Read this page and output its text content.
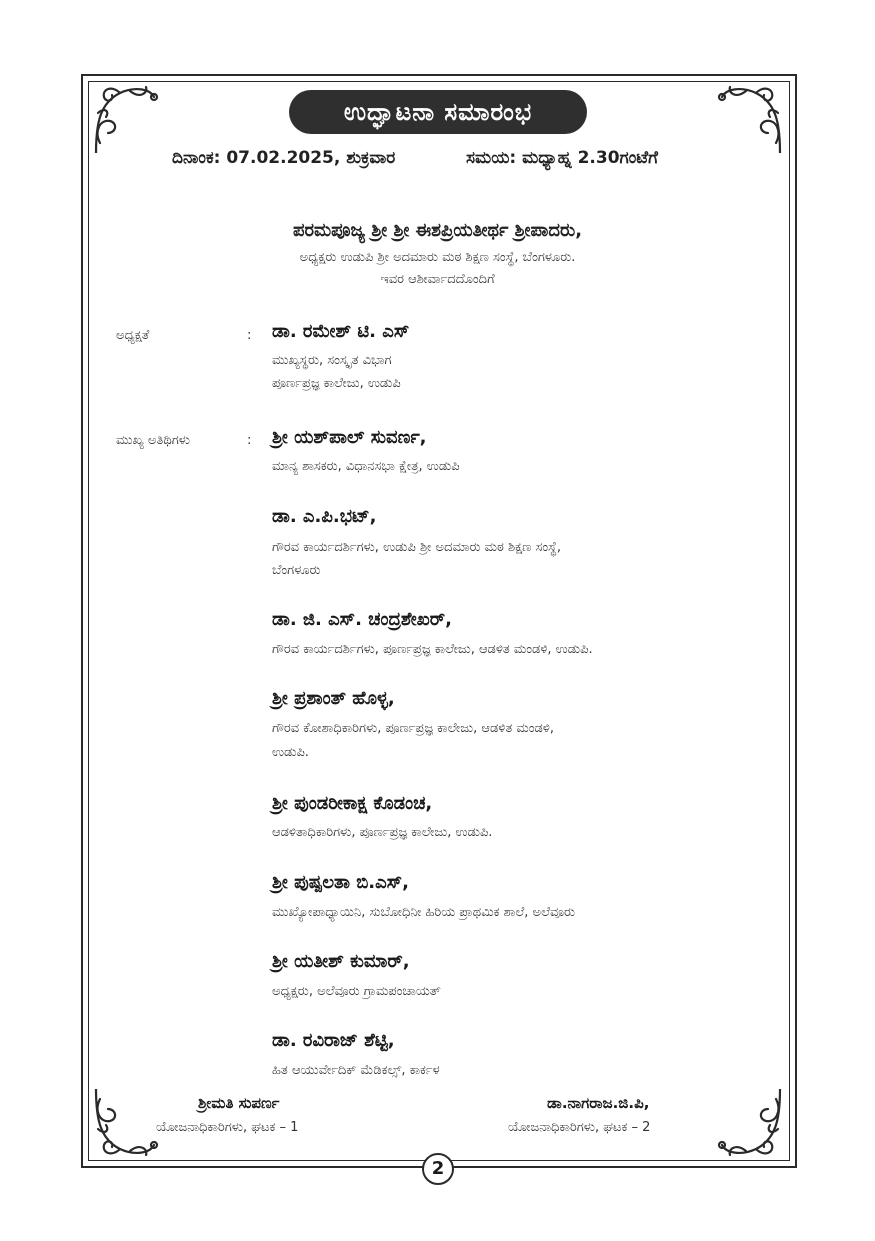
ಉದ್ಘಾಟನಾ ಸಮಾರಂಭ
ದಿನಾಂಕ: 07.02.2025, ಶುಕ್ರವಾರ	ಸಮಯ: ಮಧ್ಯಾಹ್ನ 2.30ಗಂಟೆಗೆ
ಪರಮಪೂಜ್ಯ ಶ್ರೀ ಶ್ರೀ ಈಶಪ್ರಿಯತೀರ್ಥ ಶ್ರೀಪಾದರು,
ಅಧ್ಯಕ್ಷರು ಉಡುಪಿ ಶ್ರೀ ಅದಮಾರು ಮಠ ಶಿಕ್ಷಣ ಸಂಸ್ಥೆ, ಬೆಂಗಳೂರು.
ಇವರ ಆಶೀರ್ವಾದದೊಂದಿಗೆ
ಅಧ್ಯಕ್ಷತೆ	: ಡಾ. ರಮೇಶ್ ಟಿ. ಎಸ್
ಮುಖ್ಯಸ್ಥರು, ಸಂಸ್ಕೃತ ವಿಭಾಗ
ಪೂರ್ಣಪ್ರಜ್ಞ ಕಾಲೇಜು, ಉಡುಪಿ
ಮುಖ್ಯ ಅತಿಥಿಗಳು	: ಶ್ರೀ ಯಶ್‌ಪಾಲ್ ಸುವರ್ಣ,
ಮಾನ್ಯ ಶಾಸಕರು, ವಿಧಾನಸಭಾ ಕ್ಷೇತ್ರ, ಉಡುಪಿ
ಡಾ. ಎ.ಪಿ.ಭಟ್,
ಗೌರವ ಕಾರ್ಯದರ್ಶಿಗಳು, ಉಡುಪಿ ಶ್ರೀ ಅದಮಾರು ಮಠ ಶಿಕ್ಷಣ ಸಂಸ್ಥೆ,
ಬೆಂಗಳೂರು
ಡಾ. ಜಿ. ಎಸ್. ಚಂದ್ರಶೇಖರ್,
ಗೌರವ ಕಾರ್ಯದರ್ಶಿಗಳು, ಪೂರ್ಣಪ್ರಜ್ಞ ಕಾಲೇಜು, ಆಡಳಿತ ಮಂಡಳಿ, ಉಡುಪಿ.
ಶ್ರೀ ಪ್ರಶಾಂತ್ ಹೊಳ್ಳ,
ಗೌರವ ಕೋಶಾಧಿಕಾರಿಗಳು, ಪೂರ್ಣಪ್ರಜ್ಞ ಕಾಲೇಜು, ಆಡಳಿತ ಮಂಡಳಿ,
ಉಡುಪಿ.
ಶ್ರೀ ಪುಂಡರೀಕಾಕ್ಷ ಕೊಡಂಚ,
ಆಡಳಿತಾಧಿಕಾರಿಗಳು, ಪೂರ್ಣಪ್ರಜ್ಞ ಕಾಲೇಜು, ಉಡುಪಿ.
ಶ್ರೀ ಪುಷ್ಪಲತಾ ಬಿ.ಎಸ್,
ಮುಖ್ಯೋಪಾಧ್ಯಾಯಿನಿ, ಸುಬೋಧಿನೀ ಹಿರಿಯ ಪ್ರಾಥಮಿಕ ಶಾಲೆ, ಅಲೆವೂರು
ಶ್ರೀ ಯತೀಶ್ ಕುಮಾರ್,
ಅಧ್ಯಕ್ಷರು, ಅಲೆವೂರು ಗ್ರಾಮಪಂಚಾಯತ್
ಡಾ. ರವಿರಾಜ್ ಶೆಟ್ಟಿ,
ಹಿತ ಆಯುರ್ವೇದಿಕ್ ಮೆಡಿಕಲ್ಸ್, ಕಾರ್ಕಳ
ಶ್ರೀಮತಿ ಸುಪರ್ಣ
ಯೋಜನಾಧಿಕಾರಿಗಳು, ಘಟಕ – 1
ಡಾ.ನಾಗರಾಜ.ಜಿ.ಪಿ,
ಯೋಜನಾಧಿಕಾರಿಗಳು, ಘಟಕ – 2
2
